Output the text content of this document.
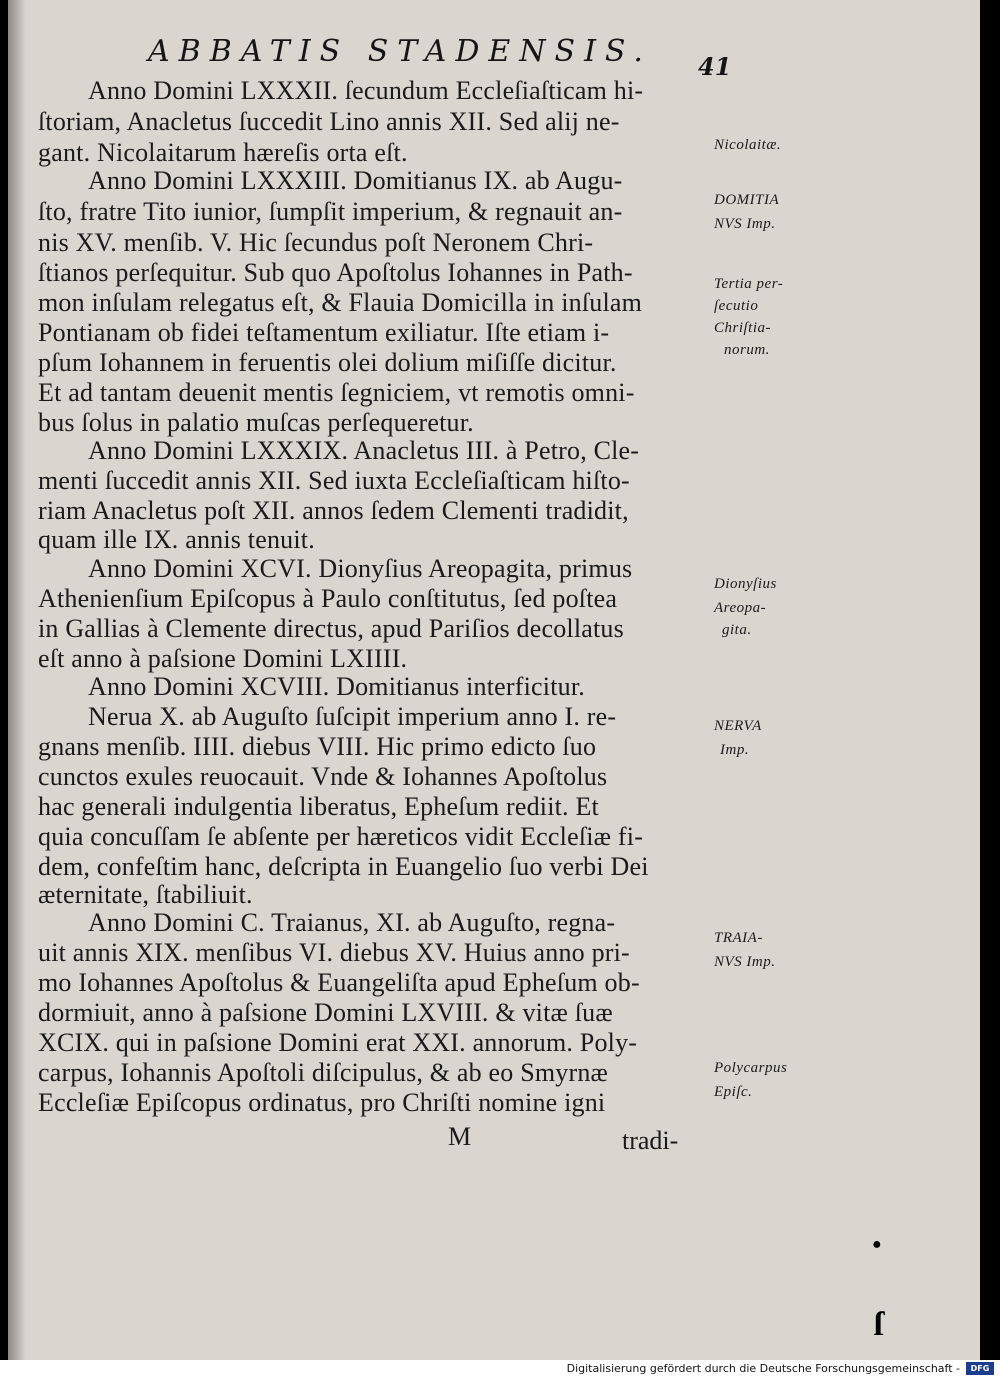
ABBATIS STADENSIS. 41
Anno Domini LXXXII. ſecundum Eccleſiaſticam hi-
ſtoriam, Anacletus ſuccedit Lino annis XII. Sed alij ne-
gant. Nicolaitarum hæreſis orta eſt.
Anno Domini LXXXIII. Domitianus IX. ab Augu-
ſto, fratre Tito iunior, ſumpſit imperium, & regnauit an-
nis XV. menſib. V. Hic ſecundus poſt Neronem Chri-
ſtianos perſequitur. Sub quo Apoſtolus Iohannes in Path-
mon inſulam relegatus eſt, & Flauia Domicilla in inſulam
Pontianam ob fidei teſtamentum exiliatur. Iſte etiam i-
pſum Iohannem in feruentis olei dolium miſiſſe dicitur.
Et ad tantam deuenit mentis ſegniciem, vt remotis omni-
bus ſolus in palatio muſcas perſequeretur.
Anno Domini LXXXIX. Anacletus III. à Petro, Cle-
menti ſuccedit annis XII. Sed iuxta Eccleſiaſticam hiſto-
riam Anacletus poſt XII. annos ſedem Clementi tradidit,
quam ille IX. annis tenuit.
Anno Domini XCVI. Dionyſius Areopagita, primus
Athenienſium Epiſcopus à Paulo conſtitutus, ſed poſtea
in Gallias à Clemente directus, apud Pariſios decollatus
eſt anno à paſsione Domini LXIIII.
Anno Domini XCVIII. Domitianus interficitur.
Nerua X. ab Auguſto ſuſcipit imperium anno I. re-
gnans menſib. IIII. diebus VIII. Hic primo edicto ſuo
cunctos exules reuocauit. Vnde & Iohannes Apoſtolus
hac generali indulgentia liberatus, Epheſum rediit. Et
quia concuſſam ſe abſente per hæreticos vidit Eccleſiæ fi-
dem, confeſtim hanc, deſcripta in Euangelio ſuo verbi Dei
æternitate, ſtabiliuit.
Anno Domini C. Traianus, XI. ab Auguſto, regna-
uit annis XIX. menſibus VI. diebus XV. Huius anno pri-
mo Iohannes Apoſtolus & Euangeliſta apud Epheſum ob-
dormiuit, anno à paſsione Domini LXVIII. & vitæ ſuæ
XCIX. qui in paſsione Domini erat XXI. annorum. Poly-
carpus, Iohannis Apoſtoli diſcipulus, & ab eo Smyrnæ
Eccleſiæ Epiſcopus ordinatus, pro Chriſti nomine igni
M	tradi-
Nicolaitæ.
DOMITIA
NVS Imp.
Tertia per-
ſecutio
Chriſtia-
norum.
Dionyſius
Areopa-
gita.
NERVA
Imp.
TRAIA-
NVS Imp.
Polycarpus
Epiſc.
●
ſ
Digitalisierung gefördert durch die Deutsche Forschungsgemeinschaft -	DFG
